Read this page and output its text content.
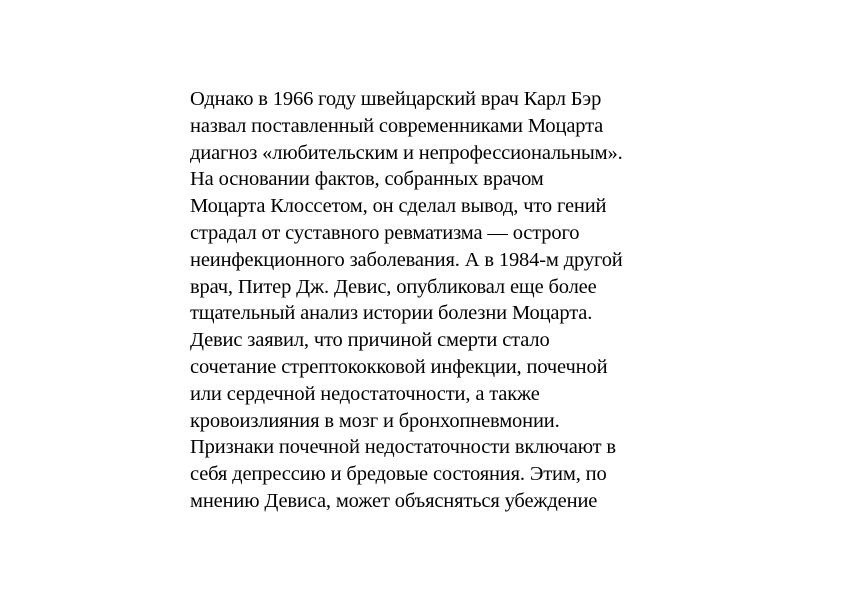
Однако в 1966 году швейцарский врач Карл Бэр
назвал поставленный современниками Моцарта
диагноз «любительским и непрофессиональным».
На основании фактов, собранных врачом
Моцарта Клоссетом, он сделал вывод, что гений
страдал от суставного ревматизма — острого
неинфекционного заболевания. А в 1984-м другой
врач, Питер Дж. Девис, опубликовал еще более
тщательный анализ истории болезни Моцарта.
Девис заявил, что причиной смерти стало
сочетание стрептококковой инфекции, почечной
или сердечной недостаточности, а также
кровоизлияния в мозг и бронхопневмонии.
Признаки почечной недостаточности включают в
себя депрессию и бредовые состояния. Этим, по
мнению Девиса, может объясняться убеждение
